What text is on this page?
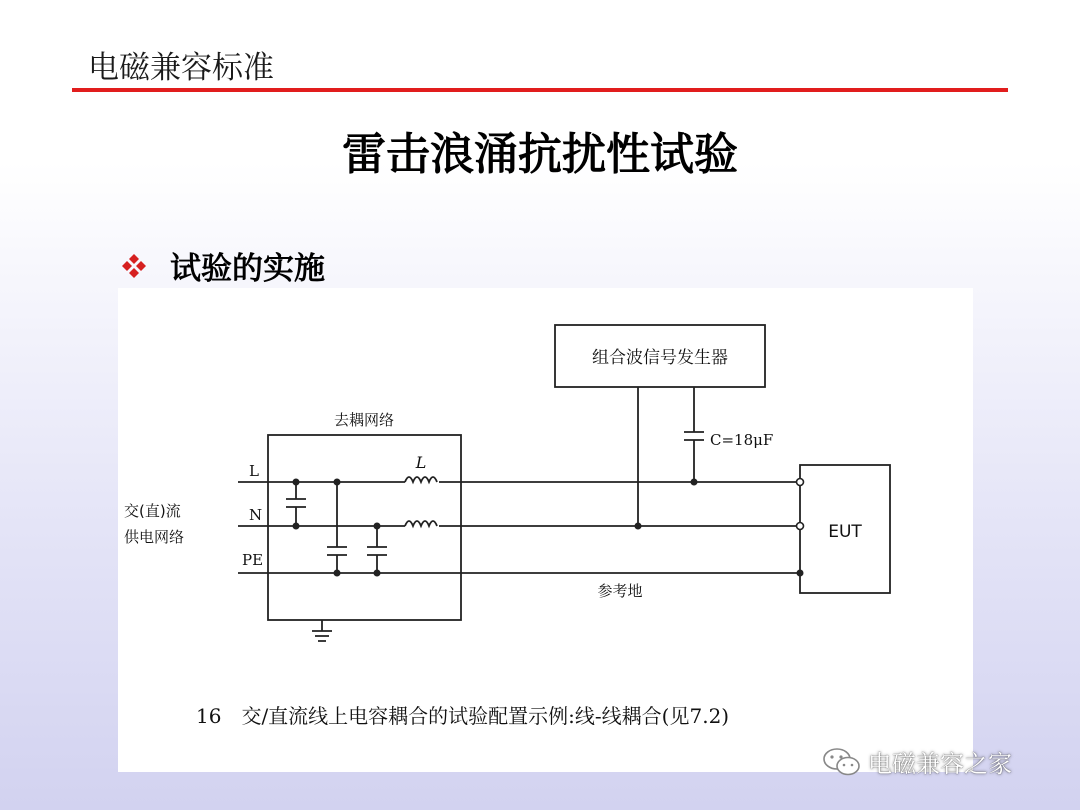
电磁兼容标准
雷击浪涌抗扰性试验
试验的实施
组合波信号发生器
C=18μF
去耦网络
L
L
N
PE
交(直)流
供电网络	EUT
参考地
16　交/直流线上电容耦合的试验配置示例:线-线耦合(见7.2)
电磁兼容之家
